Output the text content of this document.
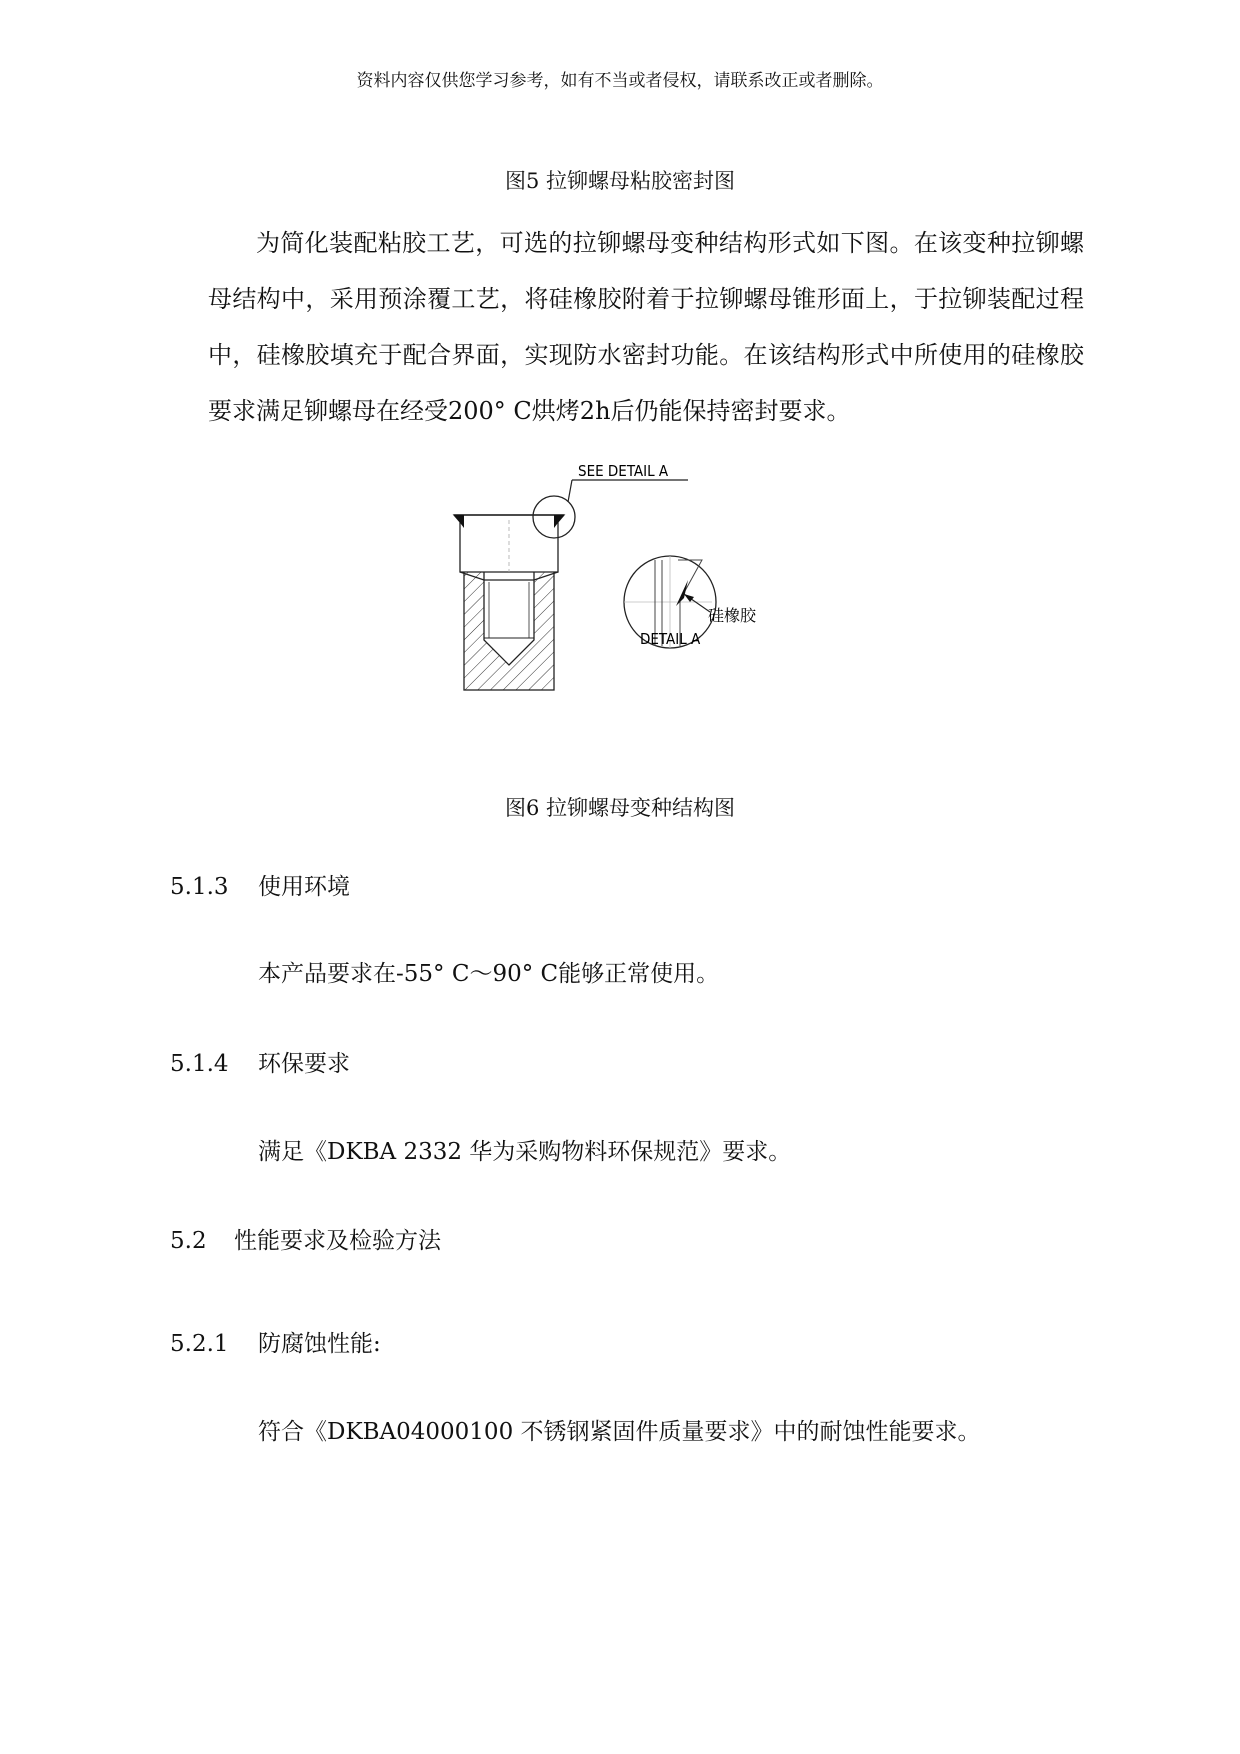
资料内容仅供您学习参考，如有不当或者侵权，请联系改正或者删除。
图5 拉铆螺母粘胶密封图

为简化装配粘胶工艺，可选的拉铆螺母变种结构形式如下图。在该变种拉铆螺母结构中，采用预涂覆工艺，将硅橡胶附着于拉铆螺母锥形面上，于拉铆装配过程中，硅橡胶填充于配合界面，实现防水密封功能。在该结构形式中所使用的硅橡胶要求满足铆螺母在经受200° C烘烤2h后仍能保持密封要求。

SEE DETAIL A
硅橡胶
DETAIL A
图6 拉铆螺母变种结构图
5.1.3 使用环境
本产品要求在-55° C～90° C能够正常使用。
5.1.4 环保要求
满足《DKBA 2332 华为采购物料环保规范》要求。
5.2 性能要求及检验方法
5.2.1 防腐蚀性能:
符合《DKBA04000100 不锈钢紧固件质量要求》中的耐蚀性能要求。
